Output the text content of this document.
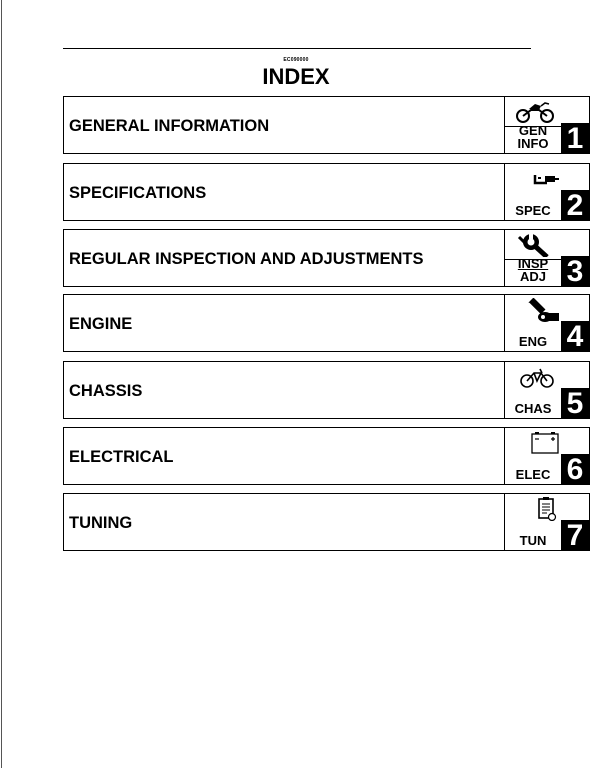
EC090000
INDEX
GENERAL INFORMATION	GEN
INFO 1
SPECIFICATIONS
SPEC 2
REGULAR INSPECTION AND ADJUSTMENTS	INSP
ADJ 3
ENGINE
ENG 4
CHASSIS
CHAS 5
ELECTRICAL
ELEC 6
TUNING
TUN 7
